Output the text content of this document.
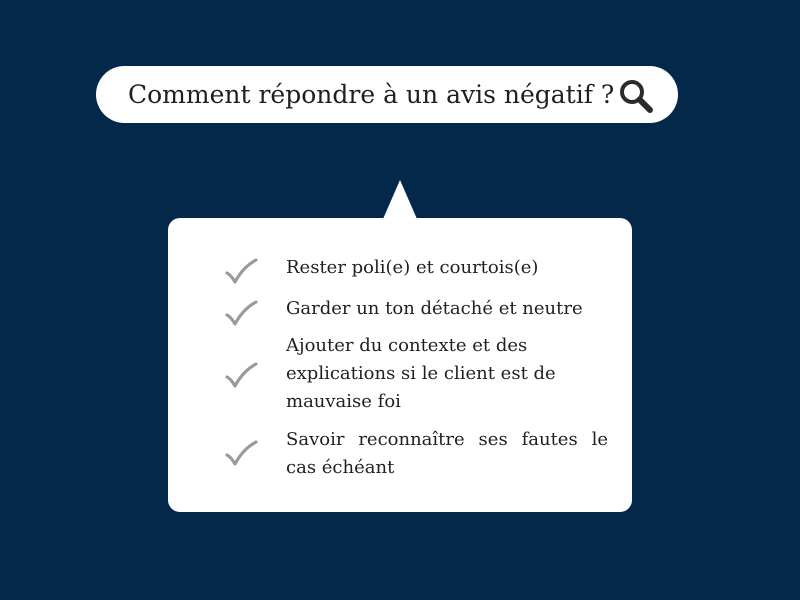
Comment répondre à un avis négatif ?
Rester poli(e) et courtois(e)
Garder un ton détaché et neutre
Ajouter du contexte et des explications si le client est de mauvaise foi
Savoir reconnaître ses fautes le cas échéant
